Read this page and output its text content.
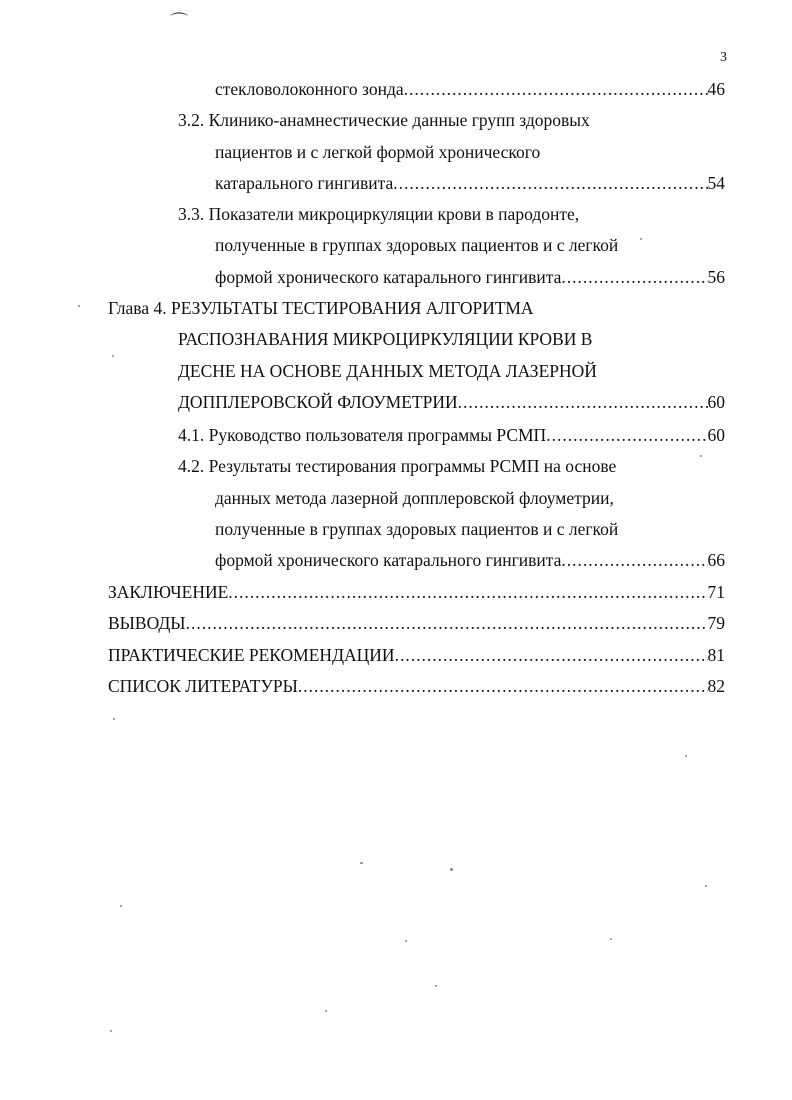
⌒
3
стекловолоконного зонда .....	46
3.2. Клинико-анамнестические данные групп здоровых
пациентов и с легкой формой хронического
катарального гингивита .....	54
3.3. Показатели микроциркуляции крови в пародонте,
полученные в группах здоровых пациентов и с легкой
формой хронического катарального гингивита .....	56
Глава 4. РЕЗУЛЬТАТЫ ТЕСТИРОВАНИЯ АЛГОРИТМА
РАСПОЗНАВАНИЯ МИКРОЦИРКУЛЯЦИИ КРОВИ В
ДЕСНЕ НА ОСНОВЕ ДАННЫХ МЕТОДА ЛАЗЕРНОЙ
ДОППЛЕРОВСКОЙ ФЛОУМЕТРИИ .....	60
4.1. Руководство пользователя программы РСМП .....	60
4.2. Результаты тестирования программы РСМП на основе
данных метода лазерной допплеровской флоуметрии,
полученные в группах здоровых пациентов и с легкой
формой хронического катарального гингивита .....	66
ЗАКЛЮЧЕНИЕ .....	71
ВЫВОДЫ .....	79
ПРАКТИЧЕСКИЕ РЕКОМЕНДАЦИИ .....	81
СПИСОК ЛИТЕРАТУРЫ .....	82
